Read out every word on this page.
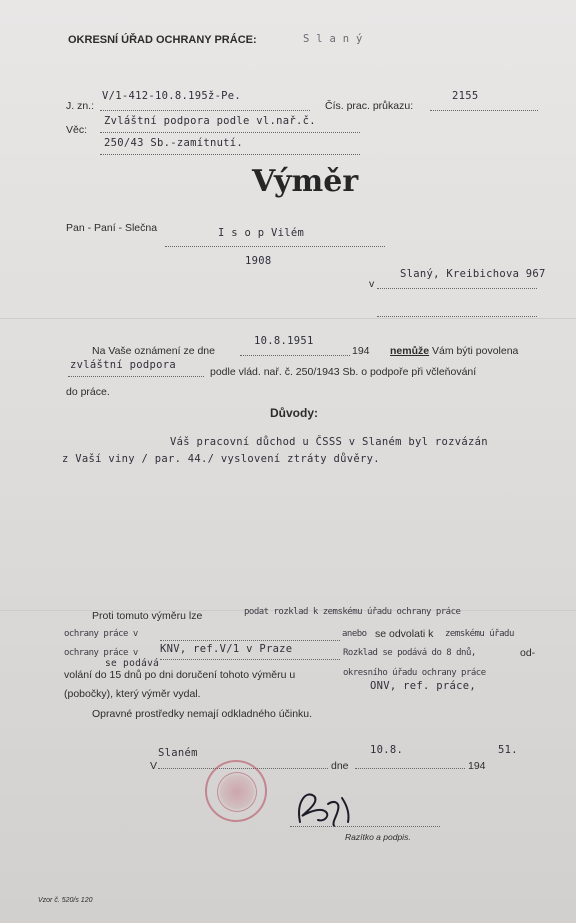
OKRESNÍ ÚŘAD OCHRANY PRÁCE:	S l a n ý
J. zn.:
V/1-412-10.8.195ž-Pe.
Čís. prac. průkazu:
2155
Věc:
Zvláštní podpora podle vl.nař.č.
250/43 Sb.-zamítnutí.
Výměr
Pan - Paní - Slečna	I s o p Vilém
1908
v
Slaný, Kreibichova 967
Na Vaše oznámení ze dne
10.8.1951
194 nemůže Vám býti povolena
zvláštní podpora
podle vlád. nař. č. 250/1943 Sb. o podpoře při včleňování
do práce.
Důvody:
Váš pracovní důchod u ČSSS v Slaném byl rozvázán
z Vaší viny / par. 44./ vyslovení ztráty důvěry.
Proti tomuto výměru lze	podat rozklad k zemskému úřadu ochrany práce
ochrany práce v	anebo se odvolati k zemskému úřadu
ochrany práce v KNV, ref.V/1 v Praze	Rozklad se podává do 8 dnů,	od-
se podává
volání do 15 dnů po dni doručení tohoto výměru u	okresního úřadu ochrany práce
(pobočky), který výměr vydal.
ONV, ref. práce,
Opravné prostředky nemají odkladného účinku.
V
Slaném
dne
10.8.
194
51.
Razítko a podpis.
Vzor č. 520/s 120
